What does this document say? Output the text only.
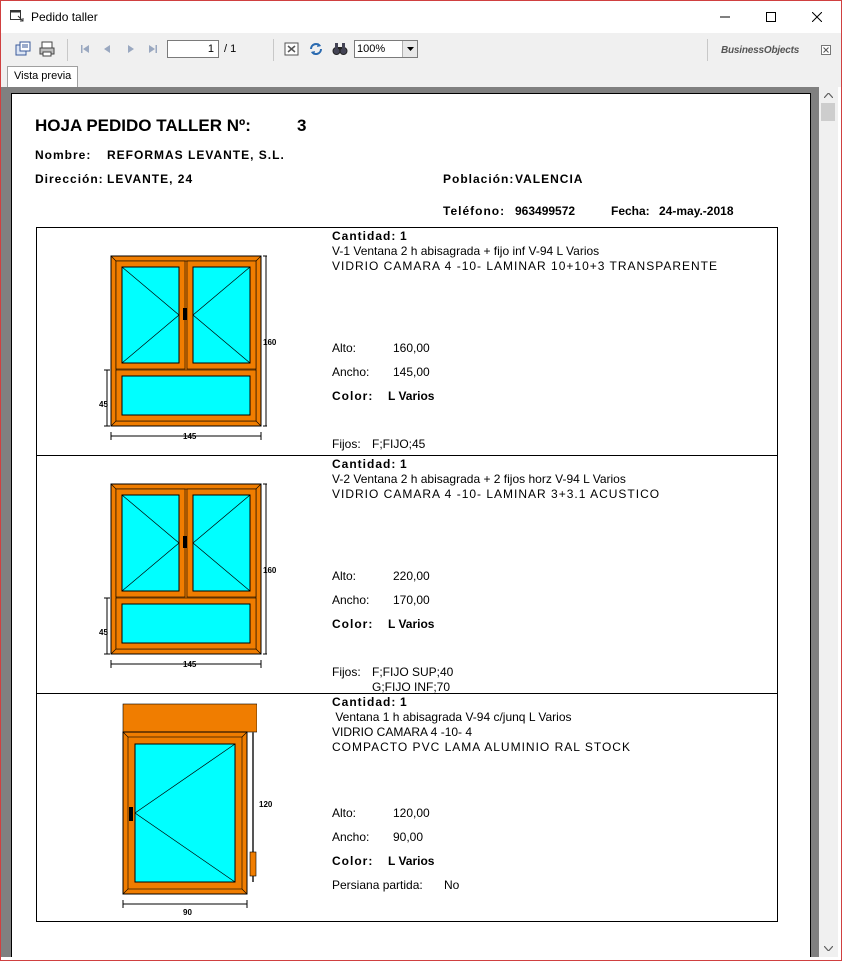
Pedido taller
1 / 1	100%	BusinessObjects
Vista previa
HOJA PEDIDO TALLER Nº:	3
Nombre: REFORMAS LEVANTE, S.L.
Dirección: LEVANTE, 24	Población: VALENCIA
Teléfono: 963499572	Fecha: 24-may.-2018
160
45
145
Cantidad: 1
V-1 Ventana 2 h abisagrada + fijo inf V-94 L Varios
VIDRIO CAMARA 4 -10- LAMINAR 10+10+3 TRANSPARENTE
Alto:	160,00
Ancho: 145,00
Color: L Varios
Fijos: F;FIJO;45
160
45
145
Cantidad: 1
V-2 Ventana 2 h abisagrada + 2 fijos horz V-94 L Varios
VIDRIO CAMARA 4 -10- LAMINAR 3+3.1 ACUSTICO
Alto:	220,00
Ancho: 170,00
Color: L Varios
Fijos: F;FIJO SUP;40
G;FIJO INF;70
120
90
Cantidad: 1
Ventana 1 h abisagrada V-94 c/junq L Varios
VIDRIO CAMARA 4 -10- 4
COMPACTO PVC LAMA ALUMINIO RAL STOCK
Alto:	120,00
Ancho: 90,00
Color: L Varios
Persiana partida: No
